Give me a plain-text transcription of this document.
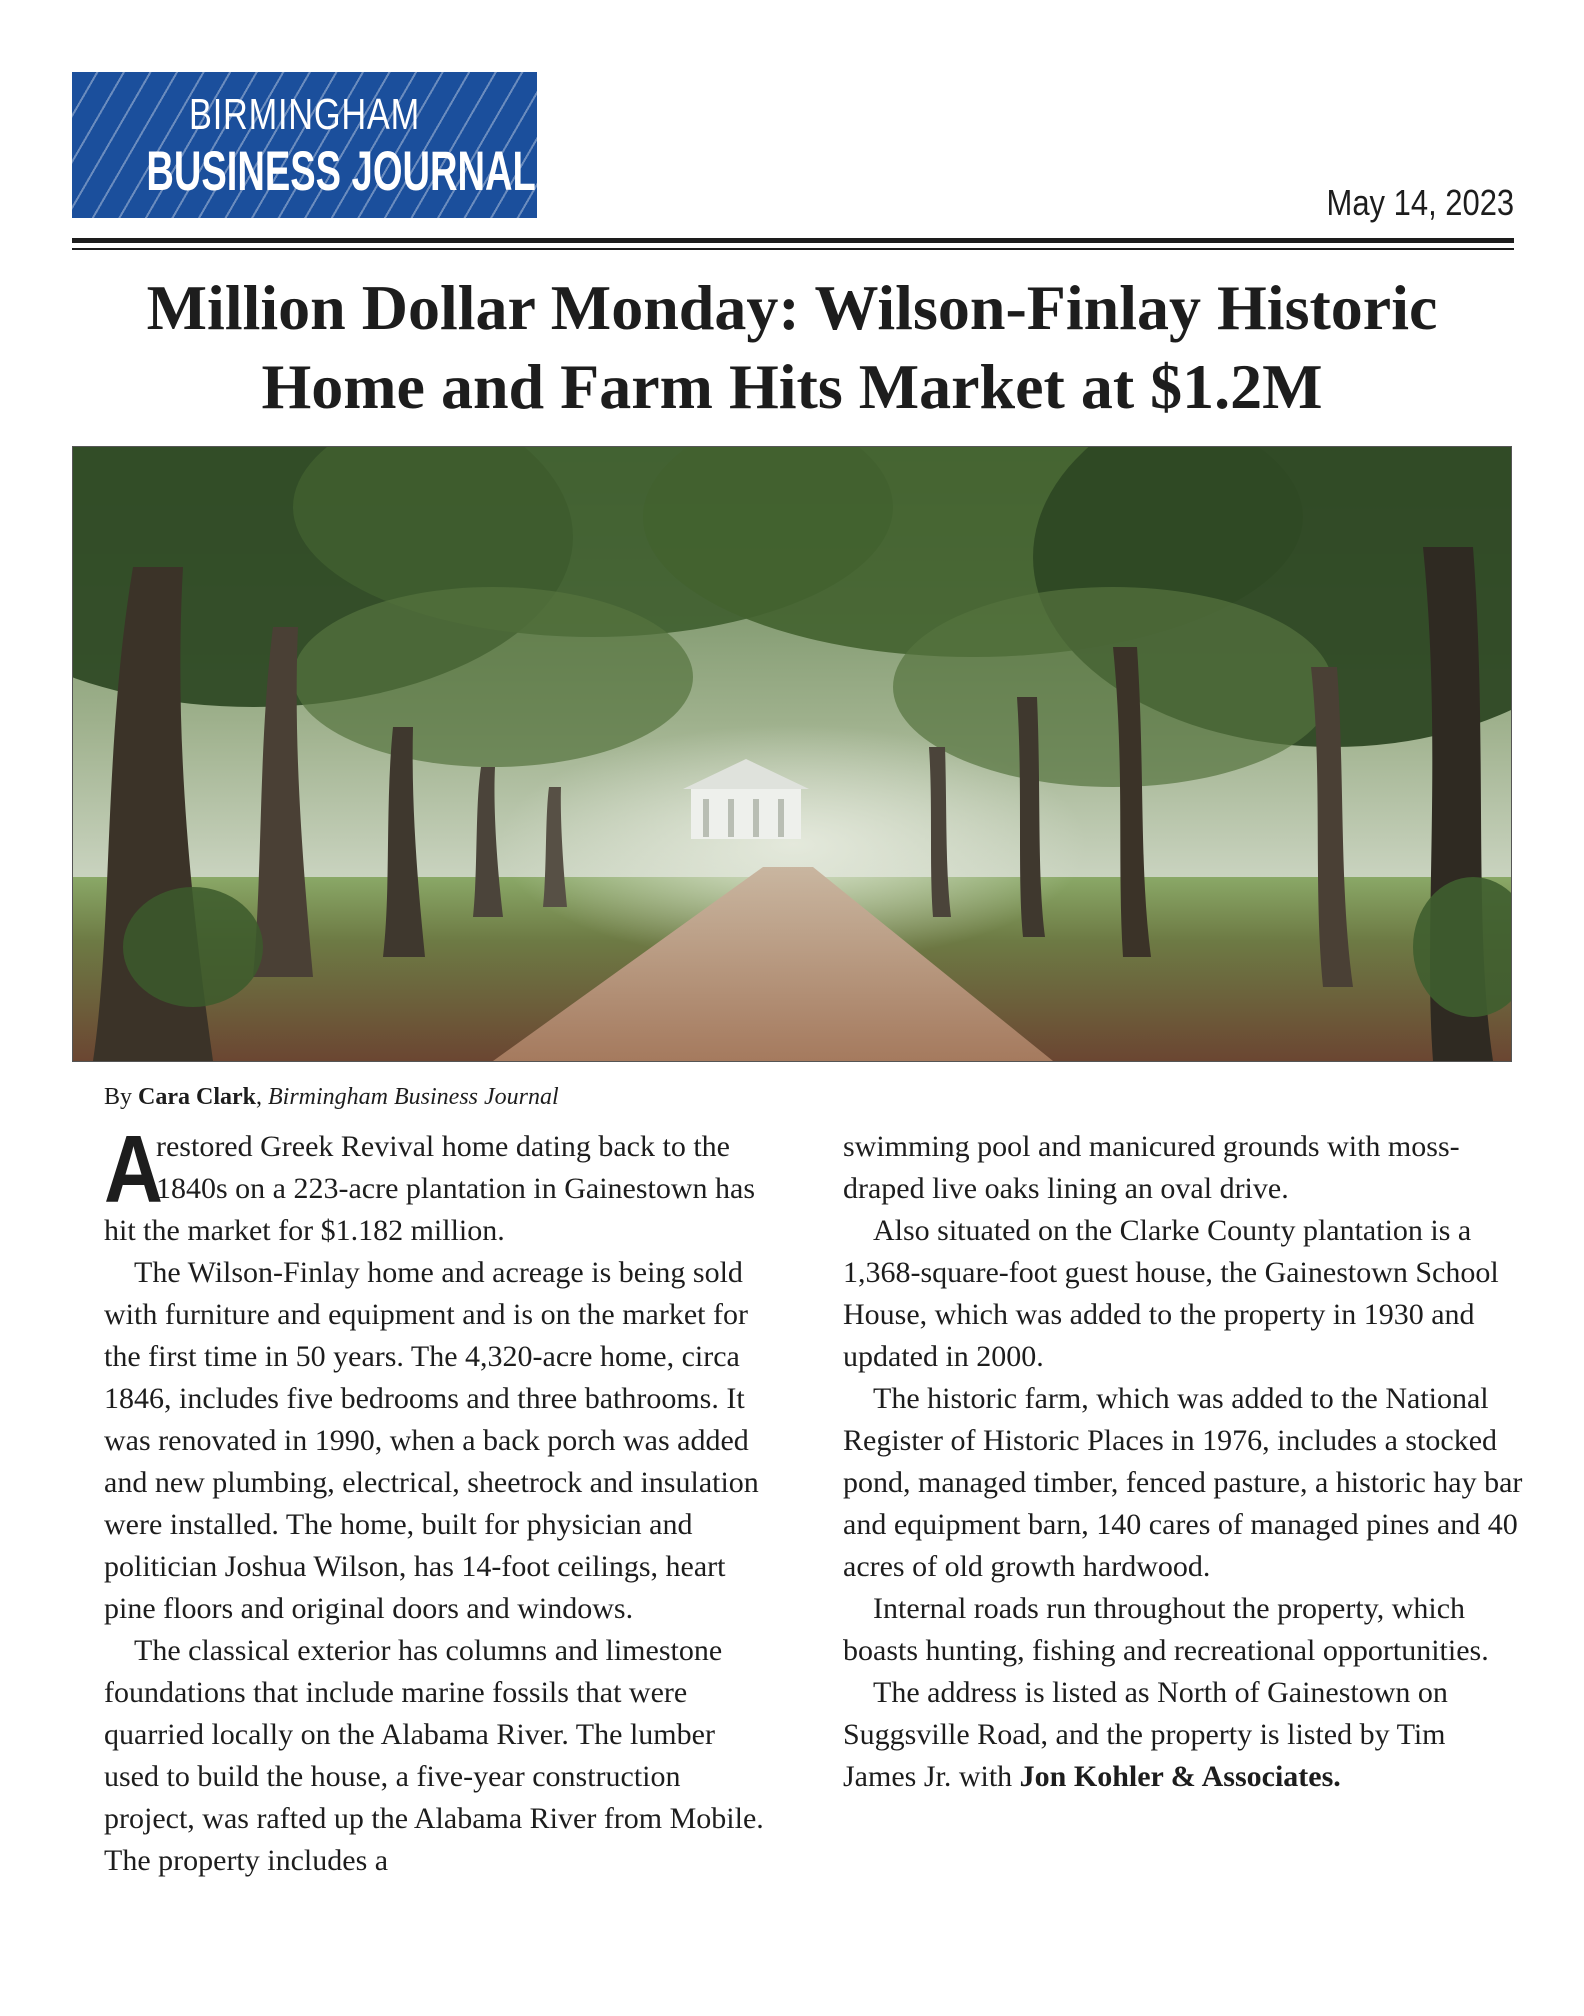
BIRMINGHAM
BUSINESS JOURNAL
May 14, 2023
Million Dollar Monday: Wilson-Finlay Historic Home and Farm Hits Market at $1.2M
By Cara Clark, Birmingham Business Journal

A
restored Greek Revival home dating back to the 1840s on a 223-acre plantation in Gainestown has hit the market for $1.182 million.

The Wilson-Finlay home and acreage is being sold with furniture and equipment and is on the market for the first time in 50 years. The 4,320-acre home, circa 1846, includes five bedrooms and three bathrooms. It was renovated in 1990, when a back porch was added and new plumbing, electrical, sheetrock and insulation were installed. The home, built for physician and politician Joshua Wilson, has 14-foot ceilings, heart pine floors and original doors and windows.

The classical exterior has columns and limestone foundations that include marine fossils that were quarried locally on the Alabama River. The lumber used to build the house, a five-year construction project, was rafted up the Alabama River from Mobile. The property includes a

swimming pool and manicured grounds with moss-draped live oaks lining an oval drive.

Also situated on the Clarke County plantation is a 1,368-square-foot guest house, the Gainestown School House, which was added to the property in 1930 and updated in 2000.

The historic farm, which was added to the National Register of Historic Places in 1976, includes a stocked pond, managed timber, fenced pasture, a historic hay bar and equipment barn, 140 cares of managed pines and 40 acres of old growth hardwood.

Internal roads run throughout the property, which boasts hunting, fishing and recreational opportunities.

The address is listed as North of Gainestown on Suggsville Road, and the property is listed by Tim James Jr. with Jon Kohler & Associates.
